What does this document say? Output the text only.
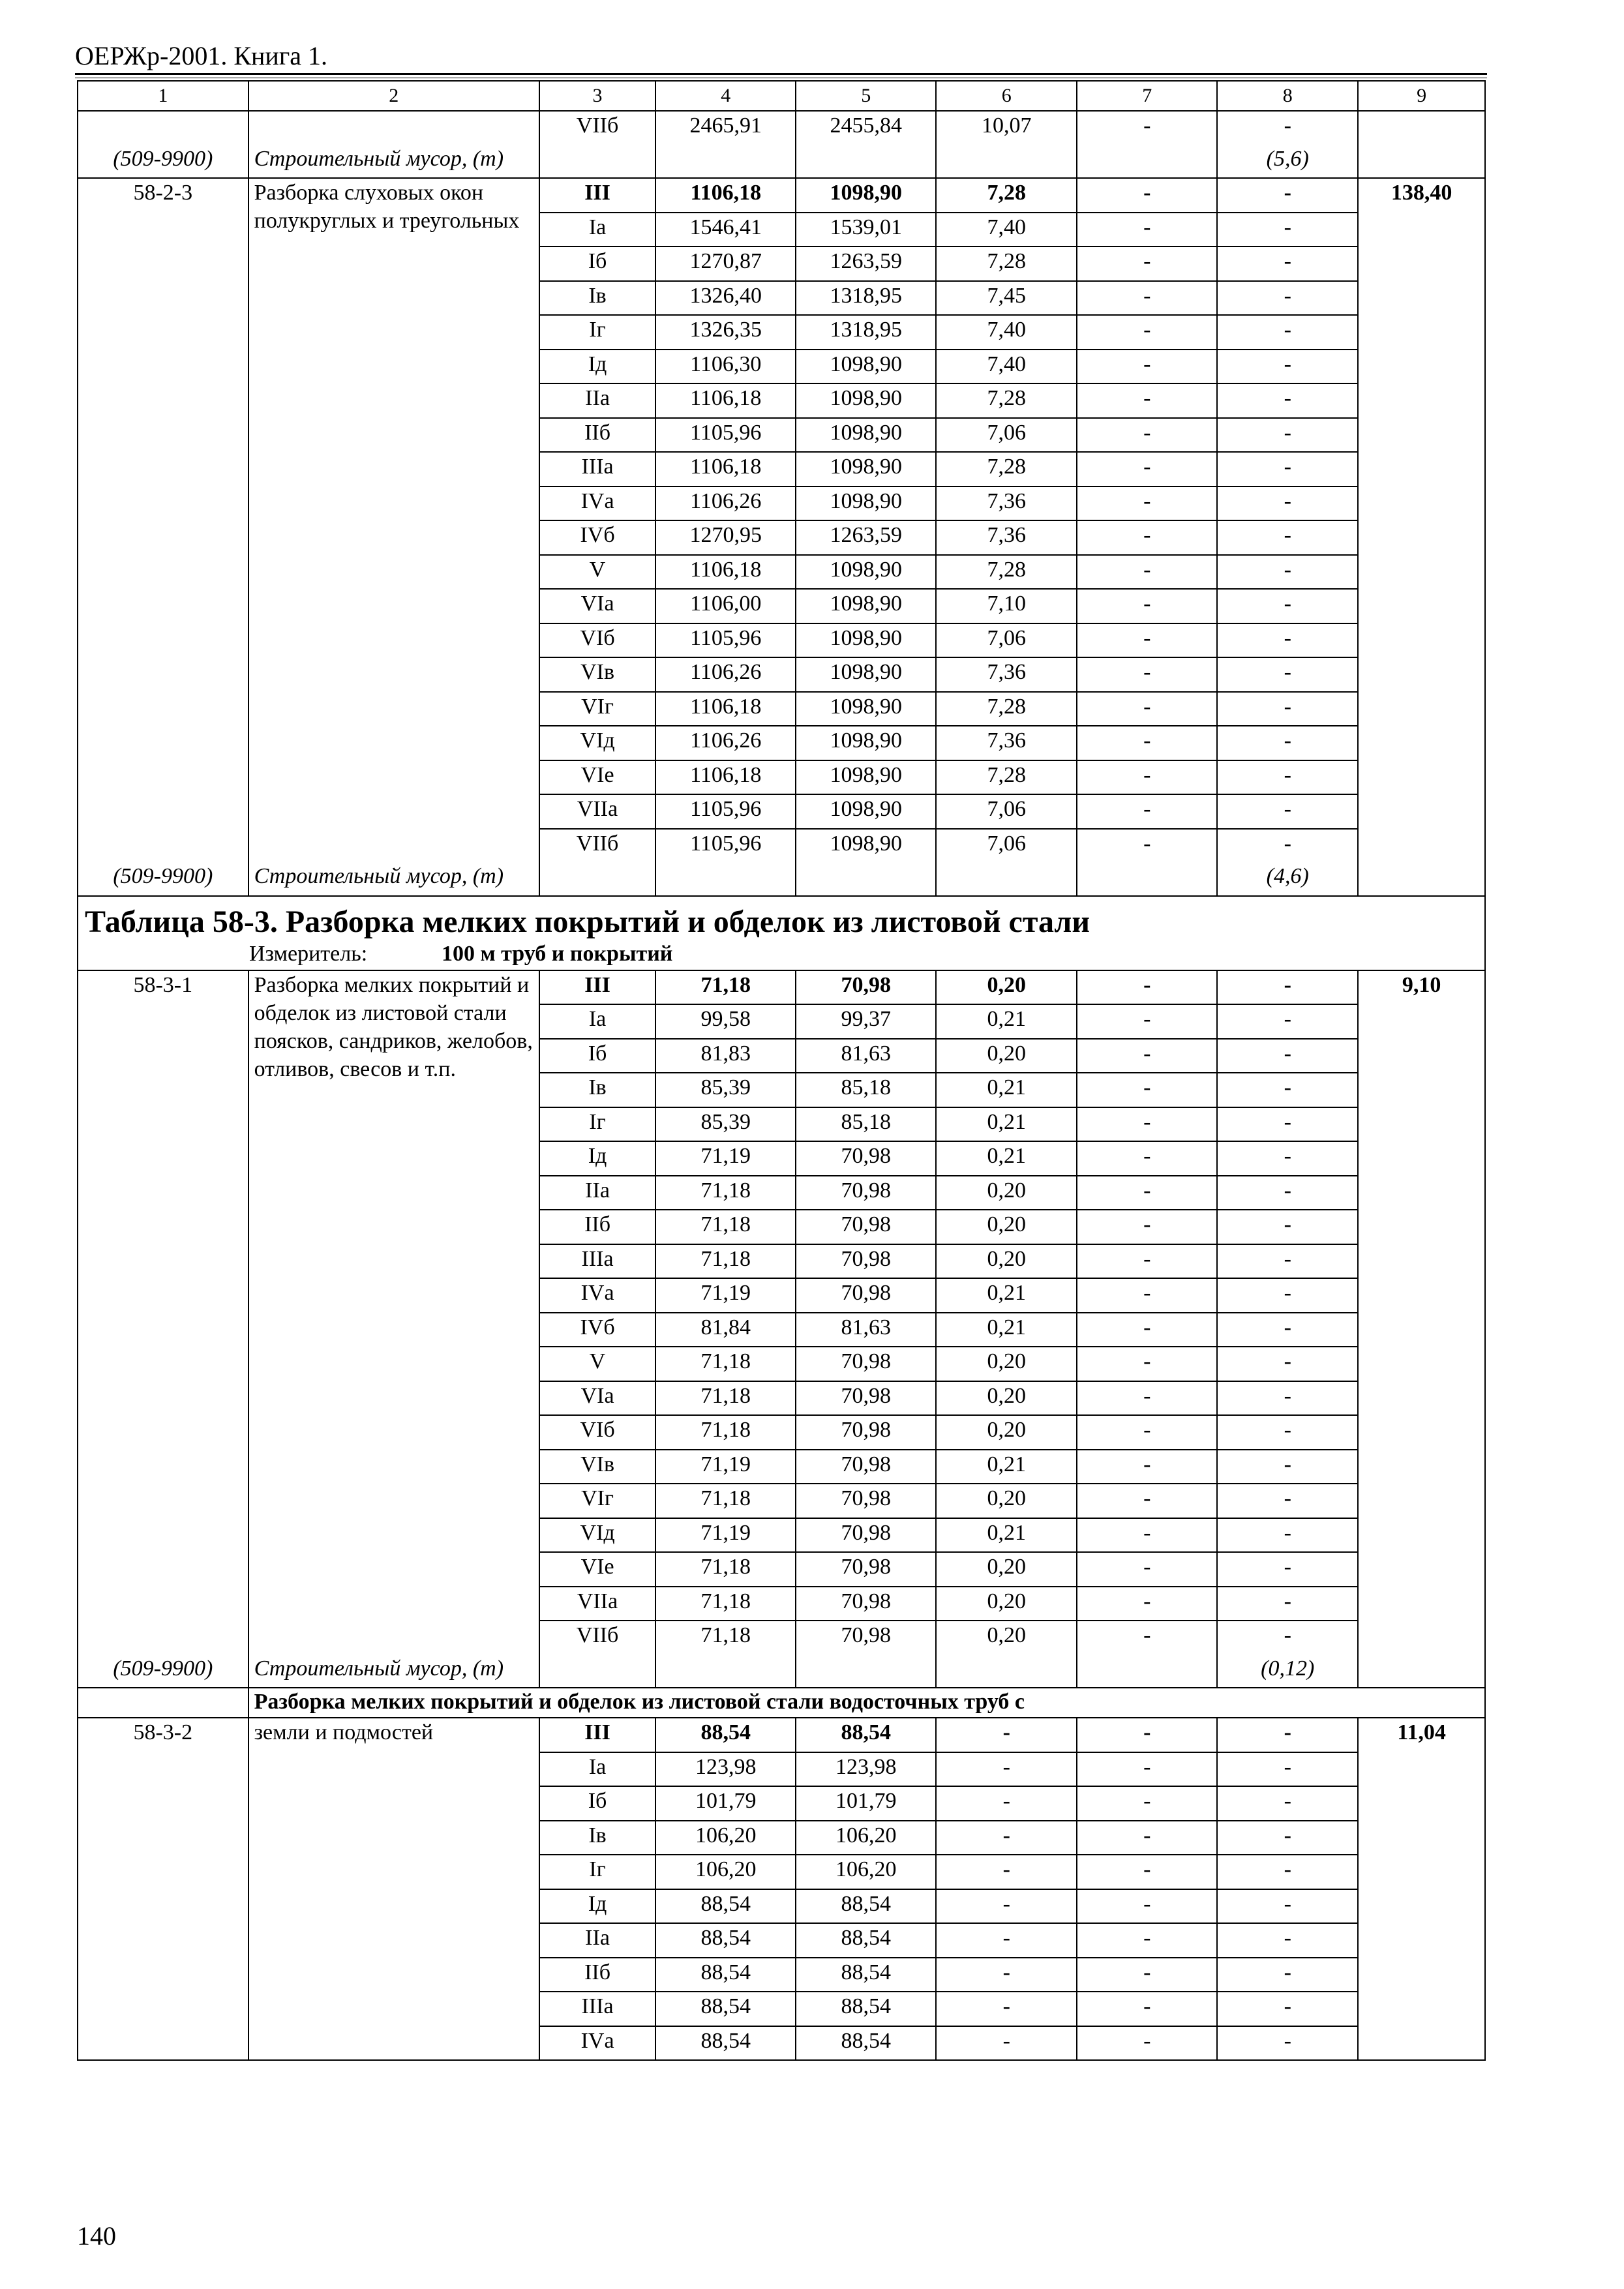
ОЕРЖр-2001. Книга 1.
1	2	3	4	5	6	7	8	9
		VIIб	2465,91	2455,84	10,07	-	-	
(509-9900)	Строительный мусор, (т)						(5,6)	
58-2-3	Разборка слуховых окон полукруглых и треугольных	III	1106,18	1098,90	7,28	-	-	138,40
		Iа	1546,41	1539,01	7,40	-	-	
		Iб	1270,87	1263,59	7,28	-	-	
		Iв	1326,40	1318,95	7,45	-	-	
		Iг	1326,35	1318,95	7,40	-	-	
		Iд	1106,30	1098,90	7,40	-	-	
		IIа	1106,18	1098,90	7,28	-	-	
		IIб	1105,96	1098,90	7,06	-	-	
		IIIа	1106,18	1098,90	7,28	-	-	
		IVа	1106,26	1098,90	7,36	-	-	
		IVб	1270,95	1263,59	7,36	-	-	
		V	1106,18	1098,90	7,28	-	-	
		VIа	1106,00	1098,90	7,10	-	-	
		VIб	1105,96	1098,90	7,06	-	-	
		VIв	1106,26	1098,90	7,36	-	-	
		VIг	1106,18	1098,90	7,28	-	-	
		VIд	1106,26	1098,90	7,36	-	-	
		VIе	1106,18	1098,90	7,28	-	-	
		VIIа	1105,96	1098,90	7,06	-	-	
		VIIб	1105,96	1098,90	7,06	-	-	
(509-9900)	Строительный мусор, (т)						(4,6)	

Таблица 58-3. Разборка мелких покрытий и обделок из листовой стали
Измеритель: 100 м труб и покрытий								

58-3-1	Разборка мелких покрытий и обделок из листовой стали поясков, сандриков, желобов, отливов, свесов и т.п.	III	71,18	70,98	0,20	-	-	9,10
		Iа	99,58	99,37	0,21	-	-	
		Iб	81,83	81,63	0,20	-	-	
		Iв	85,39	85,18	0,21	-	-	
		Iг	85,39	85,18	0,21	-	-	
		Iд	71,19	70,98	0,21	-	-	
		IIа	71,18	70,98	0,20	-	-	
		IIб	71,18	70,98	0,20	-	-	
		IIIа	71,18	70,98	0,20	-	-	
		IVа	71,19	70,98	0,21	-	-	
		IVб	81,84	81,63	0,21	-	-	
		V	71,18	70,98	0,20	-	-	
		VIа	71,18	70,98	0,20	-	-	
		VIб	71,18	70,98	0,20	-	-	
		VIв	71,19	70,98	0,21	-	-	
		VIг	71,18	70,98	0,20	-	-	
		VIд	71,19	70,98	0,21	-	-	
		VIе	71,18	70,98	0,20	-	-	
		VIIа	71,18	70,98	0,20	-	-	
		VIIб	71,18	70,98	0,20	-	-	
(509-9900)	Строительный мусор, (т)						(0,12)	
	Разборка мелких покрытий и обделок из листовой стали водосточных труб с							
58-3-2	земли и подмостей	III	88,54	88,54	-	-	-	11,04
		Iа	123,98	123,98	-	-	-	
		Iб	101,79	101,79	-	-	-	
		Iв	106,20	106,20	-	-	-	
		Iг	106,20	106,20	-	-	-	
		Iд	88,54	88,54	-	-	-	
		IIа	88,54	88,54	-	-	-	
		IIб	88,54	88,54	-	-	-	
		IIIа	88,54	88,54	-	-	-	
		IVа	88,54	88,54	-	-	-	
140
